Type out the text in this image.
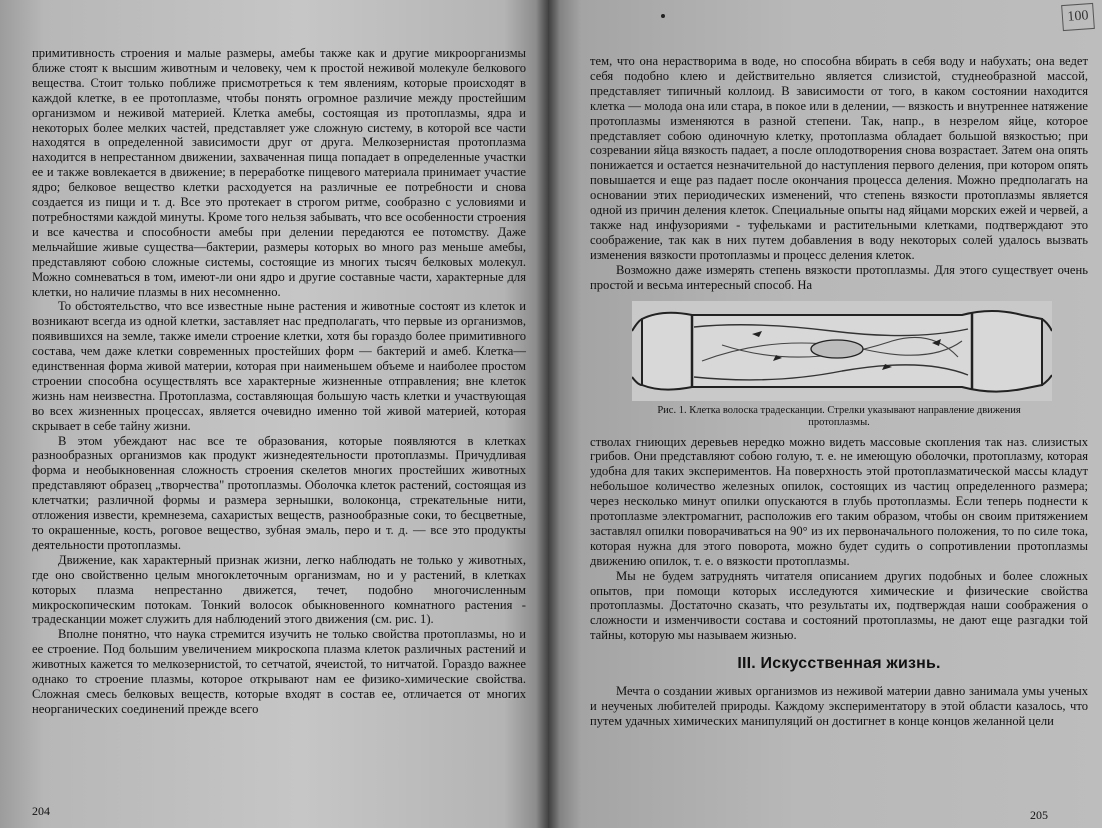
примитивность строения и малые размеры, амебы также как и другие микроорганизмы ближе стоят к высшим животным и человеку, чем к простой неживой молекуле белкового вещества. Стоит только поближе присмотреться к тем явлениям, которые происходят в каждой клетке, в ее протоплазме, чтобы понять огромное различие между простейшим организмом и неживой материей. Клетка амебы, состоящая из протоплазмы, ядра и некоторых более мелких частей, представляет уже сложную систему, в которой все части находятся в определенной зависимости друг от друга. Мелкозернистая протоплазма находится в непрестанном движении, захваченная пища попадает в определенные участки ее и также вовлекается в движение; в переработке пищевого материала принимает участие ядро; белковое вещество клетки расходуется на различные ее потребности и снова создается из пищи и т. д. Все это протекает в строгом ритме, сообразно с условиями и потребностями каждой минуты. Кроме того нельзя забывать, что все особенности строения и все качества и способности амебы при делении передаются ее потомству. Даже мельчайшие живые существа—бактерии, размеры которых во много раз меньше амебы, представляют собою сложные системы, состоящие из многих тысяч белковых молекул. Можно сомневаться в том, имеют-ли они ядро и другие составные части, характерные для клетки, но наличие плазмы в них несомненно.

То обстоятельство, что все известные ныне растения и животные состоят из клеток и возникают всегда из одной клетки, заставляет нас предполагать, что первые из организмов, появившихся на земле, также имели строение клетки, хотя бы гораздо более примитивного состава, чем даже клетки современных простейших форм — бактерий и амеб. Клетка—единственная форма живой материи, которая при наименьшем объеме и наиболее простом строении способна осуществлять все характерные жизненные отправления; вне клеток жизнь нам неизвестна. Протоплазма, составляющая большую часть клетки и участвующая во всех жизненных процессах, является очевидно именно той живой материей, которая скрывает в себе тайну жизни.

В этом убеждают нас все те образования, которые появляются в клетках разнообразных организмов как продукт жизнедеятельности протоплазмы. Причудливая форма и необыкновенная сложность строения скелетов многих простейших животных представляют образец „творчества" протоплазмы. Оболочка клеток растений, состоящая из клетчатки; различной формы и размера зернышки, волоконца, стрекательные нити, отложения извести, кремнезема, сахаристых веществ, разнообразные соки, то бесцветные, то окрашенные, кость, роговое вещество, зубная эмаль, перо и т. д. — все это продукты деятельности протоплазмы.

Движение, как характерный признак жизни, легко наблюдать не только у животных, где оно свойственно целым многоклеточным организмам, но и у растений, в клетках которых плазма непрестанно движется, течет, подобно многочисленным микроскопическим потокам. Тонкий волосок обыкновенного комнатного растения - традесканции может служить для наблюдений этого движения (см. рис. 1).

Вполне понятно, что наука стремится изучить не только свойства протоплазмы, но и ее строение. Под большим увеличением микроскопа плазма клеток различных растений и животных кажется то мелкозернистой, то сетчатой, ячеистой, то нитчатой. Гораздо важнее однако то строение плазмы, которое открывают нам ее физико-химические свойства. Сложная смесь белковых веществ, которые входят в состав ее, отличается от многих неорганических соединений прежде всего

204
100

тем, что она нерастворима в воде, но способна вбирать в себя воду и набухать; она ведет себя подобно клею и действительно является слизистой, студнеобразной массой, представляет типичный коллоид. В зависимости от того, в каком состоянии находится клетка — молода она или стара, в покое или в делении, — вязкость и внутреннее натяжение протоплазмы изменяются в разной степени. Так, напр., в незрелом яйце, которое представляет собою одиночную клетку, протоплазма обладает большой вязкостью; при созревании яйца вязкость падает, а после оплодотворения снова возрастает. Затем она опять понижается и остается незначительной до наступления первого деления, при котором опять повышается и еще раз падает после окончания процесса деления. Можно предполагать на основании этих периодических изменений, что степень вязкости протоплазмы является одной из причин деления клеток. Специальные опыты над яйцами морских ежей и червей, а также над инфузориями - туфельками и растительными клетками, подтверждают это соображение, так как в них путем добавления в воду некоторых солей удалось вызвать изменения вязкости протоплазмы и процесс деления клеток.

Возможно даже измерять степень вязкости протоплазмы. Для этого существует очень простой и весьма интересный способ. На

Рис. 1. Клетка волоска традесканции. Стрелки указывают направление движения протоплазмы.

стволах гниющих деревьев нередко можно видеть массовые скопления так наз. слизистых грибов. Они представляют собою голую, т. е. не имеющую оболочки, протоплазму, которая удобна для таких экспериментов. На поверхность этой протоплазматической массы кладут небольшое количество железных опилок, состоящих из частиц определенного размера; через несколько минут опилки опускаются в глубь протоплазмы. Если теперь поднести к протоплазме электромагнит, расположив его таким образом, чтобы он своим притяжением заставлял опилки поворачиваться на 90° из их первоначального положения, то по силе тока, которая нужна для этого поворота, можно будет судить о сопротивлении протоплазмы движению опилок, т. е. о вязкости протоплазмы.

Мы не будем затруднять читателя описанием других подобных и более сложных опытов, при помощи которых исследуются химические и физические свойства протоплазмы. Достаточно сказать, что результаты их, подтверждая наши соображения о сложности и изменчивости состава и состояний протоплазмы, не дают еще разгадки той тайны, которую мы называем жизнью.

III. Искусственная жизнь.

Мечта о создании живых организмов из неживой материи давно занимала умы ученых и неученых любителей природы. Каждому экспериментатору в этой области казалось, что путем удачных химических манипуляций он достигнет в конце концов желанной цели

205
